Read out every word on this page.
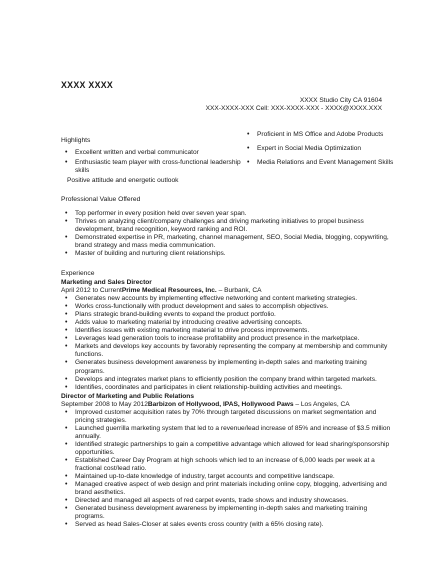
XXXX XXXX
XXXX Studio City CA 91604
XXX-XXXX-XXX Cell: XXX-XXXX-XXX - XXXX@XXXX.XXX
Highlights
• Excellent written and verbal communicator
• Enthusiastic team player with cross-functional leadership skills
Positive attitude and energetic outlook
• Proficient in MS Office and Adobe Products
• Expert in Social Media Optimization
• Media Relations and Event Management Skills
Professional Value Offered
• Top performer in every position held over seven year span.
• Thrives on analyzing client/company challenges and driving marketing initiatives to propel business development, brand recognition, keyword ranking and ROI.
• Demonstrated expertise in PR, marketing, channel management, SEO, Social Media, blogging, copywriting, brand strategy and mass media communication.
• Master of building and nurturing client relationships.
Experience
Marketing and Sales Director
April 2012 to CurrentPrime Medical Resources, Inc. – Burbank, CA
• Generates new accounts by implementing effective networking and content marketing strategies.
• Works cross-functionally with product development and sales to accomplish objectives.
• Plans strategic brand-building events to expand the product portfolio.
• Adds value to marketing material by introducing creative advertising concepts.
• Identifies issues with existing marketing material to drive process improvements.
• Leverages lead generation tools to increase profitability and product presence in the marketplace.
• Markets and develops key accounts by favorably representing the company at membership and community functions.
• Generates business development awareness by implementing in-depth sales and marketing training programs.
• Develops and integrates market plans to efficiently position the company brand within targeted markets.
• Identifies, coordinates and participates in client relationship-building activities and meetings.
Director of Marketing and Public Relations
September 2008 to May 2012Barbizon of Hollywood, IPAS, Hollywood Paws – Los Angeles, CA
• Improved customer acquisition rates by 70% through targeted discussions on market segmentation and pricing strategies.
• Launched guerrilla marketing system that led to a revenue/lead increase of 85% and increase of $3.5 million annually.
• Identified strategic partnerships to gain a competitive advantage which allowed for lead sharing/sponsorship opportunities.
• Established Career Day Program at high schools which led to an increase of 6,000 leads per week at a fractional cost/lead ratio.
• Maintained up-to-date knowledge of industry, target accounts and competitive landscape.
• Managed creative aspect of web design and print materials including online copy, blogging, advertising and brand aesthetics.
• Directed and managed all aspects of red carpet events, trade shows and industry showcases.
• Generated business development awareness by implementing in-depth sales and marketing training programs.
• Served as head Sales-Closer at sales events cross country (with a 65% closing rate).
